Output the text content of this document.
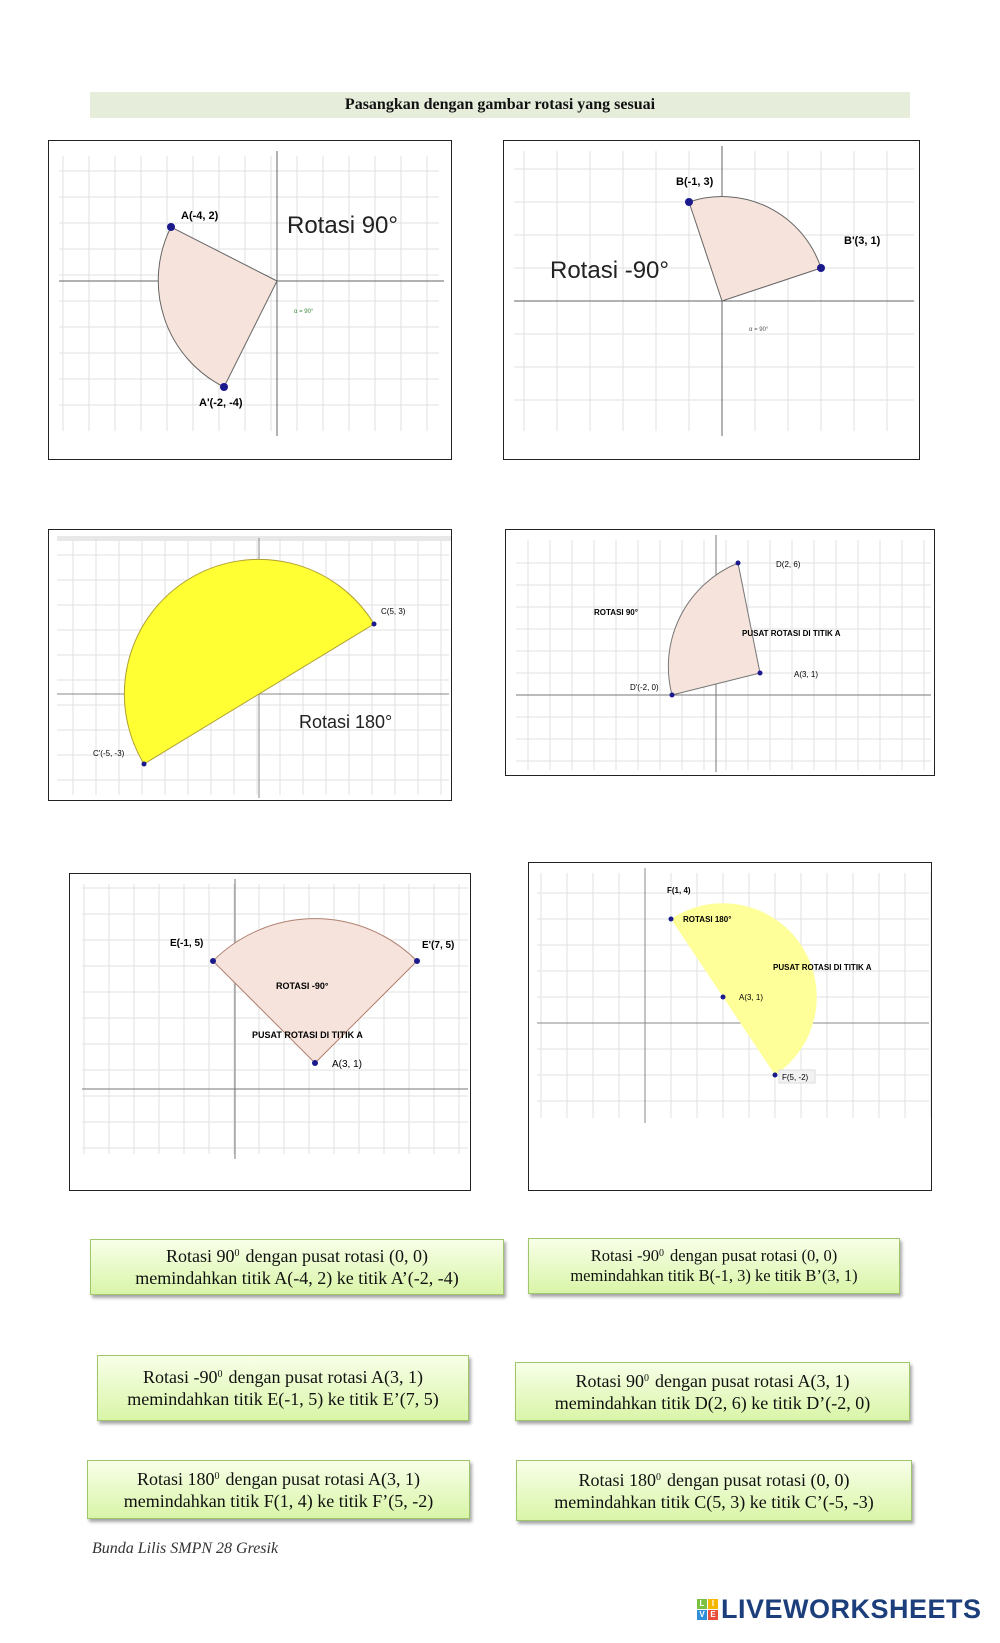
Pasangkan dengan gambar rotasi yang sesuai
A(-4, 2)
A'(-2, -4)
Rotasi 90°
α = 90°
B(-1, 3)
B'(3, 1)
Rotasi -90°
α = 90°
C(5, 3)
C'(-5, -3)
Rotasi 180°
D(2, 6)
D'(-2, 0)
A(3, 1)
ROTASI 90°
PUSAT ROTASI DI TITIK A
E(-1, 5)	E'(7, 5)
A(3, 1)
ROTASI -90°
PUSAT ROTASI DI TITIK A
F(1, 4)
A(3, 1)
F(5, -2)
ROTASI 180°
PUSAT ROTASI DI TITIK A
Rotasi $90^0$ dengan pusat rotasi (0, 0)
memindahkan titik A(-4, 2) ke titik A’(-2, -4)
Rotasi $-90^0$ dengan pusat rotasi (0, 0)
memindahkan titik B(-1, 3) ke titik B’(3, 1)
Rotasi $-90^0$ dengan pusat rotasi A(3, 1)
memindahkan titik E(-1, 5) ke titik E’(7, 5)
Rotasi $90^0$ dengan pusat rotasi A(3, 1)
memindahkan titik D(2, 6) ke titik D’(-2, 0)
Rotasi $180^0$ dengan pusat rotasi A(3, 1)
memindahkan titik F(1, 4) ke titik F’(5, -2)
Rotasi $180^0$ dengan pusat rotasi (0, 0)
memindahkan titik C(5, 3) ke titik C’(-5, -3)
Bunda Lilis SMPN 28 Gresik
L I
V E LIVEWORKSHEETS
